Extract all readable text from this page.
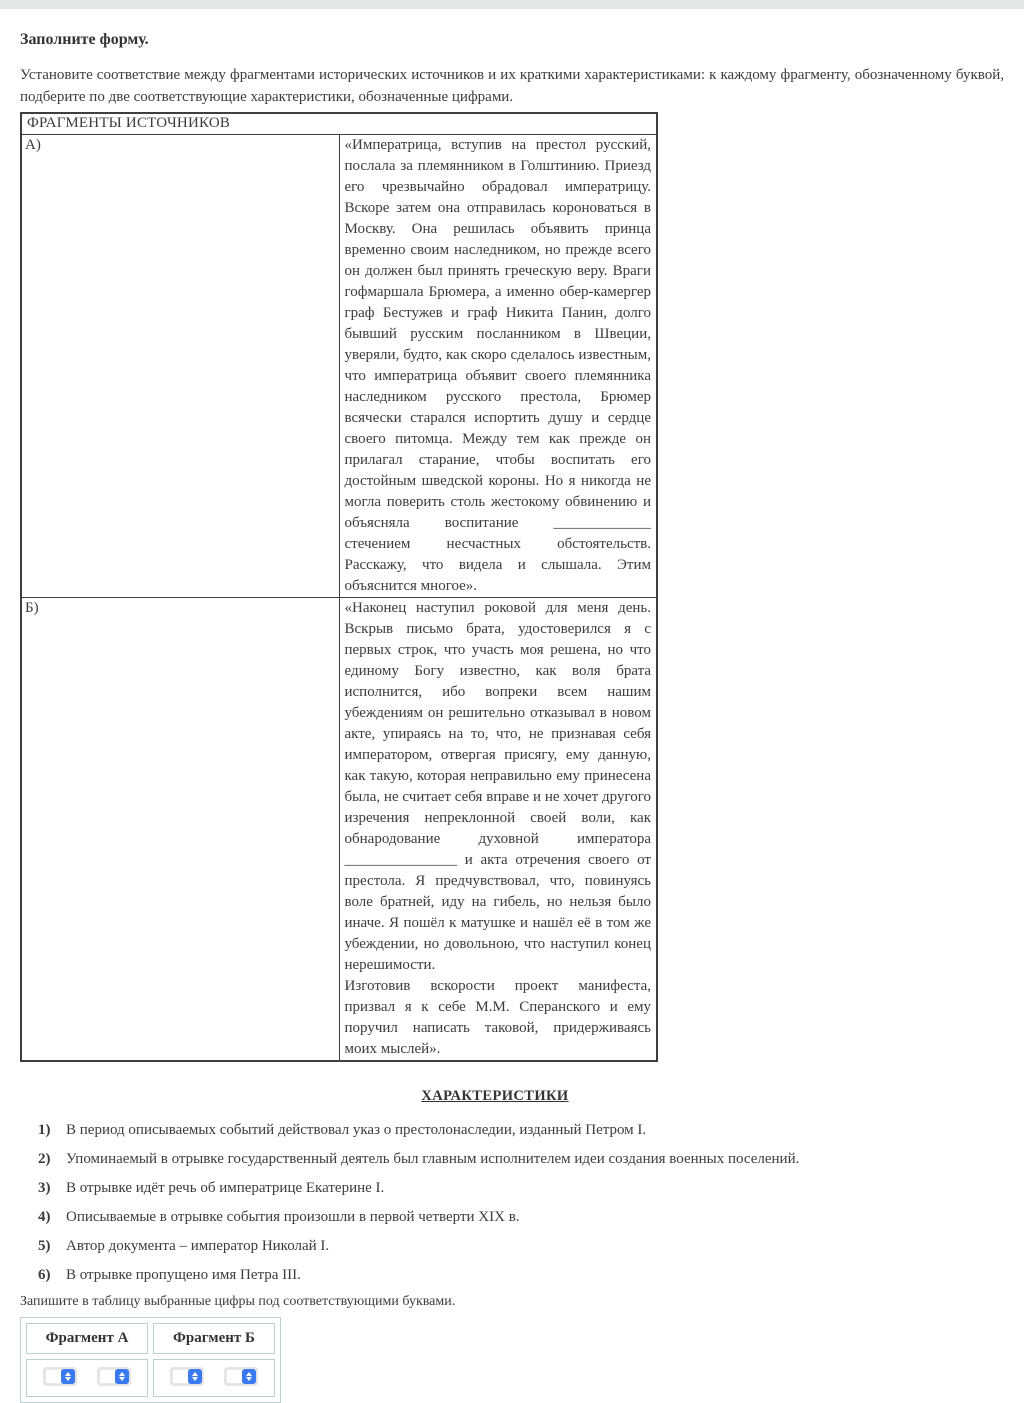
Заполните форму.

Установите соответствие между фрагментами исторических источников и их краткими характеристиками: к каждому фрагменту, обозначенному буквой, подберите по две соответствующие характеристики, обозначенные цифрами.

ФРАГМЕНТЫ ИСТОЧНИКОВ	
А)	«Императрица, вступив на престол русский, послала за племянником в Голштинию. Приезд его чрезвычайно обрадовал императрицу. Вскоре затем она отправилась короноваться в Москву. Она решилась объявить принца временно своим наследником, но прежде всего он должен был принять греческую веру. Враги гофмаршала Брюмера, а именно обер-камергер граф Бестужев и граф Никита Панин, долго бывший русским посланником в Швеции, уверяли, будто, как скоро сделалось известным, что императрица объявит своего племянника наследником русского престола, Брюмер всячески старался испортить душу и сердце своего питомца. Между тем как прежде он прилагал старание, чтобы воспитать его достойным шведской короны. Но я никогда не могла поверить столь жестокому обвинению и объясняла воспитание _____________ стечением несчастных обстоятельств. Расскажу, что видела и слышала. Этим объяснится многое».

Б)	«Наконец наступил роковой для меня день. Вскрыв письмо брата, удостоверился я с первых строк, что участь моя решена, но что единому Богу известно, как воля брата исполнится, ибо вопреки всем нашим убеждениям он решительно отказывал в новом акте, упираясь на то, что, не признавая себя императором, отвергая присягу, ему данную, как такую, которая неправильно ему принесена была, не считает себя вправе и не хочет другого изречения непреклонной своей воли, как обнародование духовной императора _______________ и акта отречения своего от престола. Я предчувствовал, что, повинуясь воле братней, иду на гибель, но нельзя было иначе. Я пошёл к матушке и нашёл её в том же убеждении, но довольною, что наступил конец нерешимости.

Изготовив вскорости проект манифеста, призвал я к себе М.М. Сперанского и ему поручил написать таковой, придерживаясь моих мыслей».

ХАРАКТЕРИСТИКИ
1)	В период описываемых событий действовал указ о престолонаследии, изданный Петром I.
2)	Упоминаемый в отрывке государственный деятель был главным исполнителем идеи создания военных поселений.
3)	В отрывке идёт речь об императрице Екатерине I.
4)	Описываемые в отрывке события произошли в первой четверти XIX в.
5)	Автор документа – император Николай I.
6)	В отрывке пропущено имя Петра III.

Запишите в таблицу выбранные цифры под соответствующими буквами.

Фрагмент А	Фрагмент Б
